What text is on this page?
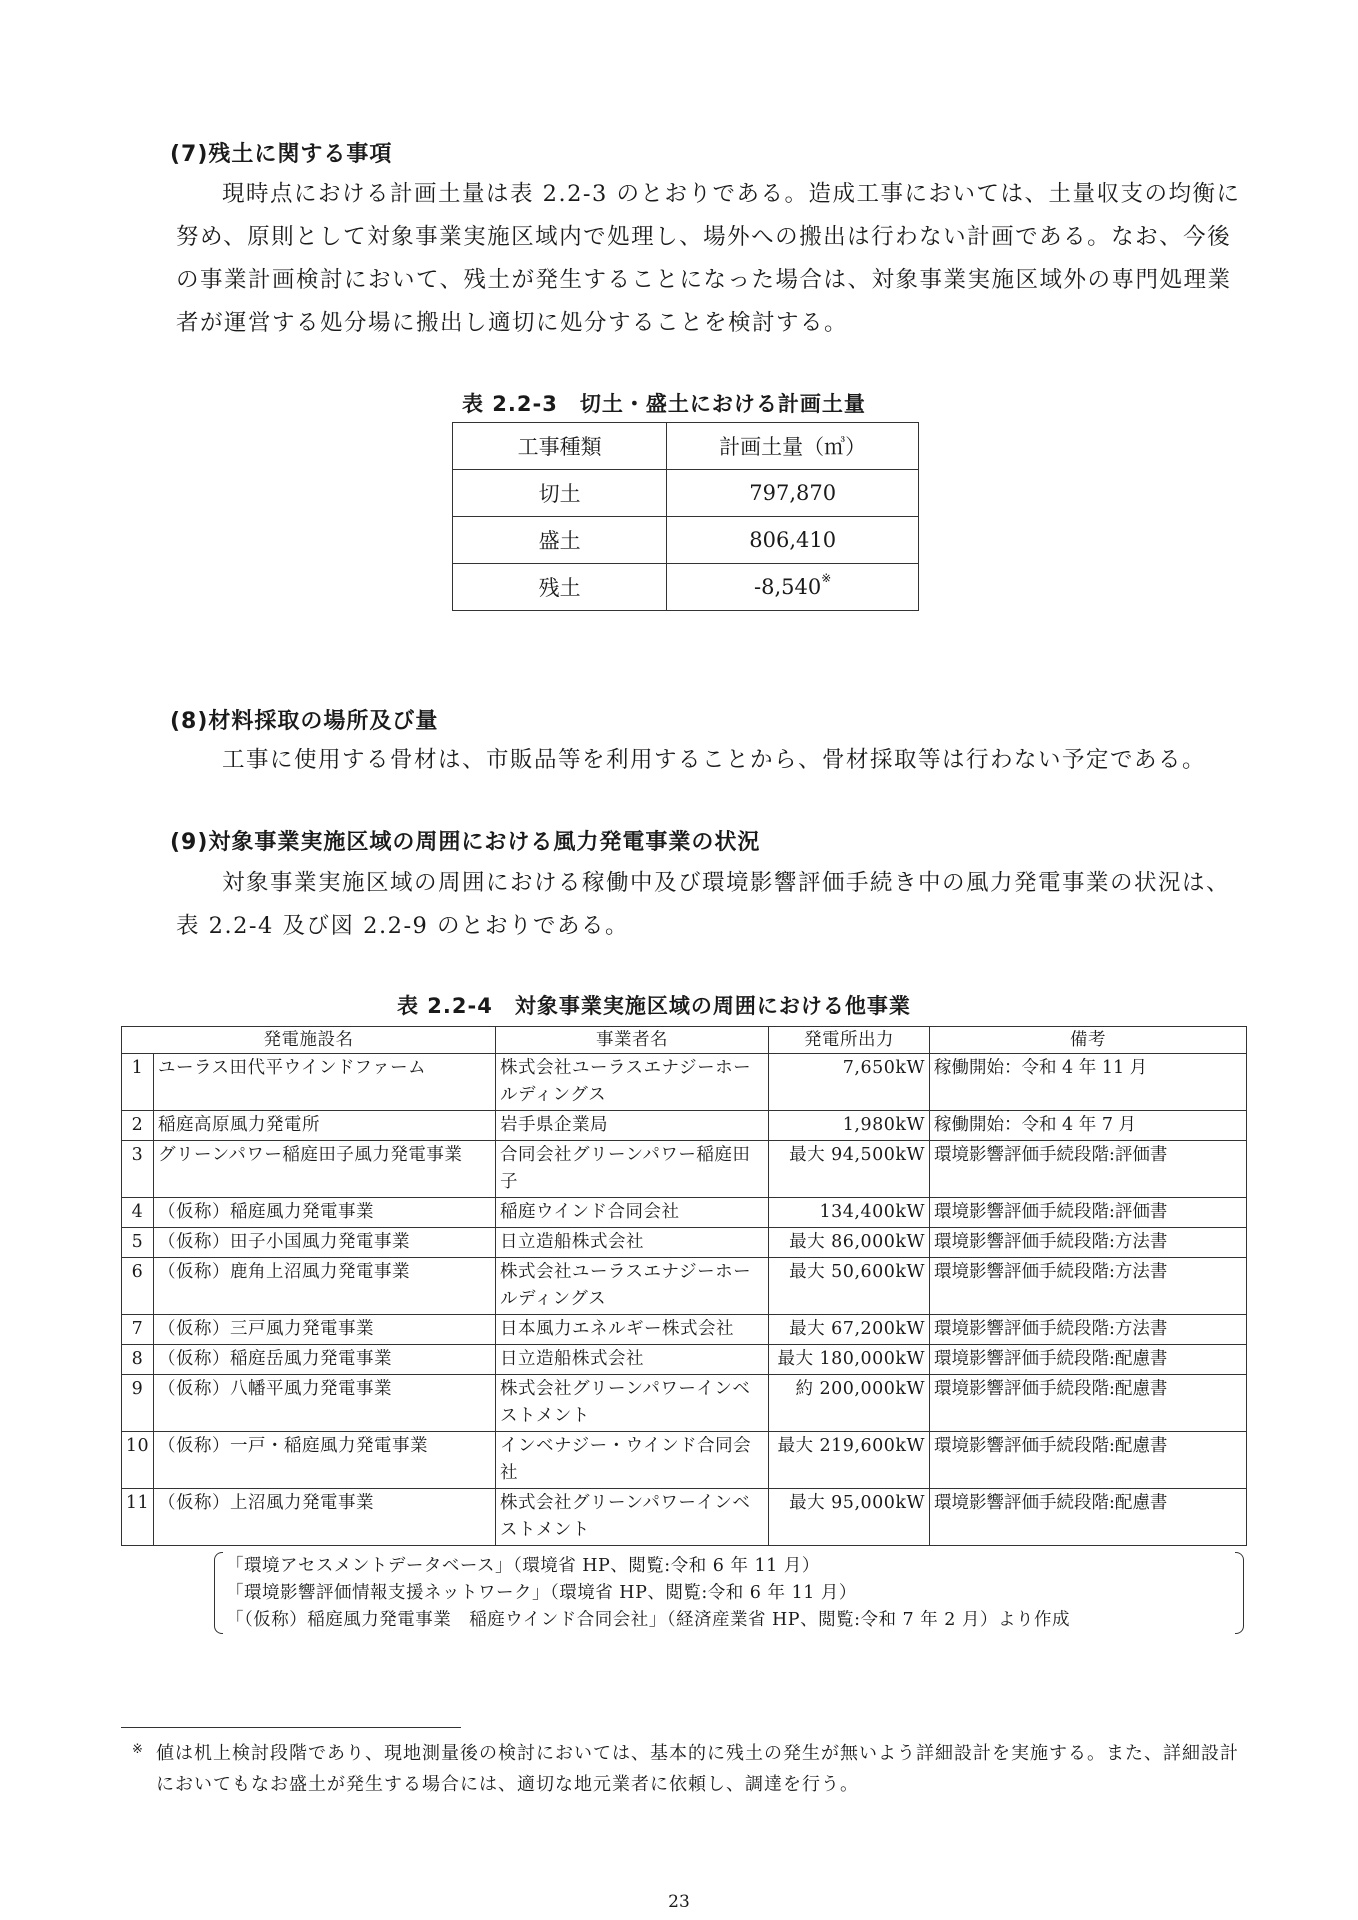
(7)残土に関する事項

現時点における計画土量は表 2.2-3 のとおりである。造成工事においては、土量収支の均衡に努め、原則として対象事業実施区域内で処理し、場外への搬出は行わない計画である。なお、今後の事業計画検討において、残土が発生することになった場合は、対象事業実施区域外の専門処理業者が運営する処分場に搬出し適切に処分することを検討する。

表 2.2-3　切土・盛土における計画土量
工事種類	計画土量（㎥）
切土	797,870
盛土	806,410
残土	-8,540※
(8)材料採取の場所及び量

工事に使用する骨材は、市販品等を利用することから、骨材採取等は行わない予定である。

(9)対象事業実施区域の周囲における風力発電事業の状況

対象事業実施区域の周囲における稼働中及び環境影響評価手続き中の風力発電事業の状況は、表 2.2-4 及び図 2.2-9 のとおりである。

表 2.2-4　対象事業実施区域の周囲における他事業
発電施設名		事業者名	発電所出力	備考
1	ユーラス田代平ウインドファーム	株式会社ユーラスエナジーホールディングス	7,650kW	稼働開始：令和 4 年 11 月
2	稲庭高原風力発電所	岩手県企業局	1,980kW	稼働開始：令和 4 年 7 月
3	グリーンパワー稲庭田子風力発電事業	合同会社グリーンパワー稲庭田子	最大 94,500kW	環境影響評価手続段階:評価書
4	（仮称）稲庭風力発電事業	稲庭ウインド合同会社	134,400kW	環境影響評価手続段階:評価書
5	（仮称）田子小国風力発電事業	日立造船株式会社	最大 86,000kW	環境影響評価手続段階:方法書
6	（仮称）鹿角上沼風力発電事業	株式会社ユーラスエナジーホールディングス	最大 50,600kW	環境影響評価手続段階:方法書
7	（仮称）三戸風力発電事業	日本風力エネルギー株式会社	最大 67,200kW	環境影響評価手続段階:方法書
8	（仮称）稲庭岳風力発電事業	日立造船株式会社	最大 180,000kW	環境影響評価手続段階:配慮書
9	（仮称）八幡平風力発電事業	株式会社グリーンパワーインベストメント	約 200,000kW	環境影響評価手続段階:配慮書
10	（仮称）一戸・稲庭風力発電事業	インベナジー・ウインド合同会社	最大 219,600kW	環境影響評価手続段階:配慮書
11	（仮称）上沼風力発電事業	株式会社グリーンパワーインベストメント	最大 95,000kW	環境影響評価手続段階:配慮書
「環境アセスメントデータベース」（環境省 HP、閲覧:令和 6 年 11 月）
「環境影響評価情報支援ネットワーク」（環境省 HP、閲覧:令和 6 年 11 月）
「（仮称）稲庭風力発電事業　稲庭ウインド合同会社」（経済産業省 HP、閲覧:令和 7 年 2 月）より作成
※ 値は机上検討段階であり、現地測量後の検討においては、基本的に残土の発生が無いよう詳細設計を実施する。また、詳細設計においてもなお盛土が発生する場合には、適切な地元業者に依頼し、調達を行う。

23
